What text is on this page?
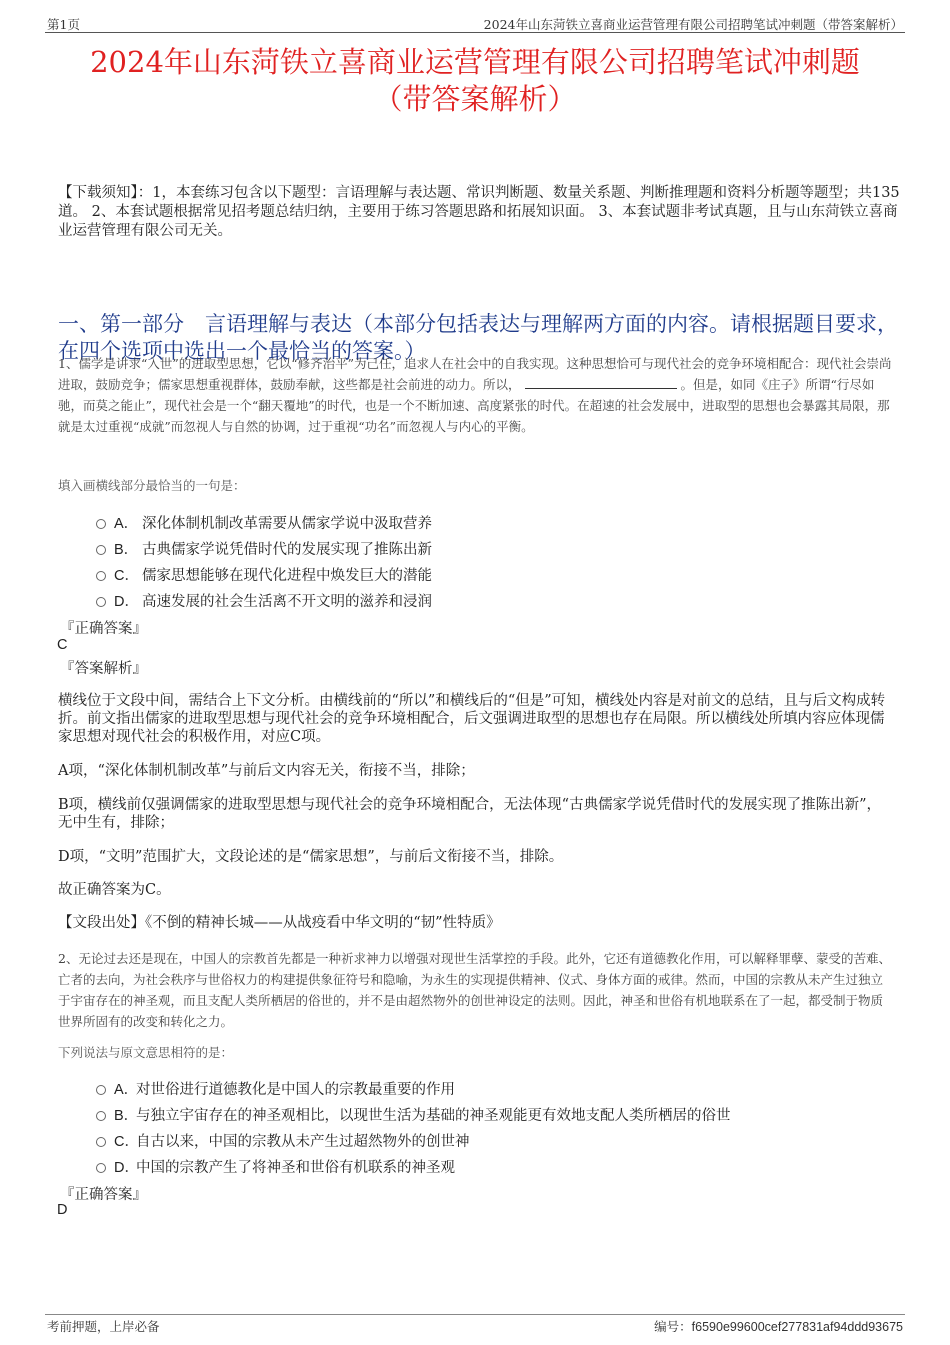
第1页	2024年山东菏铁立喜商业运营管理有限公司招聘笔试冲刺题（带答案解析）
2024年山东菏铁立喜商业运营管理有限公司招聘笔试冲刺题
（带答案解析）
【下载须知】：1，本套练习包含以下题型：言语理解与表达题、常识判断题、数量关系题、判断推理题和资料分析题等题型；共135道。 2、本套试题根据常见招考题总结归纳，主要用于练习答题思路和拓展知识面。 3、本套试题非考试真题，且与山东菏铁立喜商业运营管理有限公司无关。
一、第一部分　言语理解与表达（本部分包括表达与理解两方面的内容。请根据题目要求，在四个选项中选出一个最恰当的答案。）
1、儒学是讲求“入世”的进取型思想，它以“修齐治平”为己任，追求人在社会中的自我实现。这种思想恰可与现代社会的竞争环境相配合：现代社会崇尚进取，鼓励竞争；儒家思想重视群体，鼓励奉献，这些都是社会前进的动力。所以，	。但是，如同《庄子》所谓“行尽如驰，而莫之能止”，现代社会是一个“翻天覆地”的时代，也是一个不断加速、高度紧张的时代。在超速的社会发展中，进取型的思想也会暴露其局限，那就是太过重视“成就”而忽视人与自然的协调，过于重视“功名”而忽视人与内心的平衡。
填入画横线部分最恰当的一句是：
A． 深化体制机制改革需要从儒家学说中汲取营养
B． 古典儒家学说凭借时代的发展实现了推陈出新
C． 儒家思想能够在现代化进程中焕发巨大的潜能
D． 高速发展的社会生活离不开文明的滋养和浸润
『正确答案』
C
『答案解析』
横线位于文段中间，需结合上下文分析。由横线前的“所以”和横线后的“但是”可知，横线处内容是对前文的总结，且与后文构成转折。前文指出儒家的进取型思想与现代社会的竞争环境相配合，后文强调进取型的思想也存在局限。所以横线处所填内容应体现儒家思想对现代社会的积极作用，对应C项。
A项，“深化体制机制改革”与前后文内容无关，衔接不当，排除；
B项，横线前仅强调儒家的进取型思想与现代社会的竞争环境相配合，无法体现“古典儒家学说凭借时代的发展实现了推陈出新”，无中生有，排除；
D项，“文明”范围扩大，文段论述的是“儒家思想”，与前后文衔接不当，排除。
故正确答案为C。
【文段出处】《不倒的精神长城——从战疫看中华文明的“韧”性特质》
2、无论过去还是现在，中国人的宗教首先都是一种祈求神力以增强对现世生活掌控的手段。此外，它还有道德教化作用，可以解释罪孽、蒙受的苦难、亡者的去向，为社会秩序与世俗权力的构建提供象征符号和隐喻，为永生的实现提供精神、仪式、身体方面的戒律。然而，中国的宗教从未产生过独立于宇宙存在的神圣观，而且支配人类所栖居的俗世的，并不是由超然物外的创世神设定的法则。因此，神圣和世俗有机地联系在了一起，都受制于物质世界所固有的改变和转化之力。
下列说法与原文意思相符的是：
A．
对世俗进行道德教化是中国人的宗教最重要的作用
B．
与独立宇宙存在的神圣观相比，以现世生活为基础的神圣观能更有效地支配人类所栖居的俗世
C．
自古以来，中国的宗教从未产生过超然物外的创世神
D．
中国的宗教产生了将神圣和世俗有机联系的神圣观
『正确答案』
D
考前押题，上岸必备	编号：f6590e99600cef277831af94ddd93675
